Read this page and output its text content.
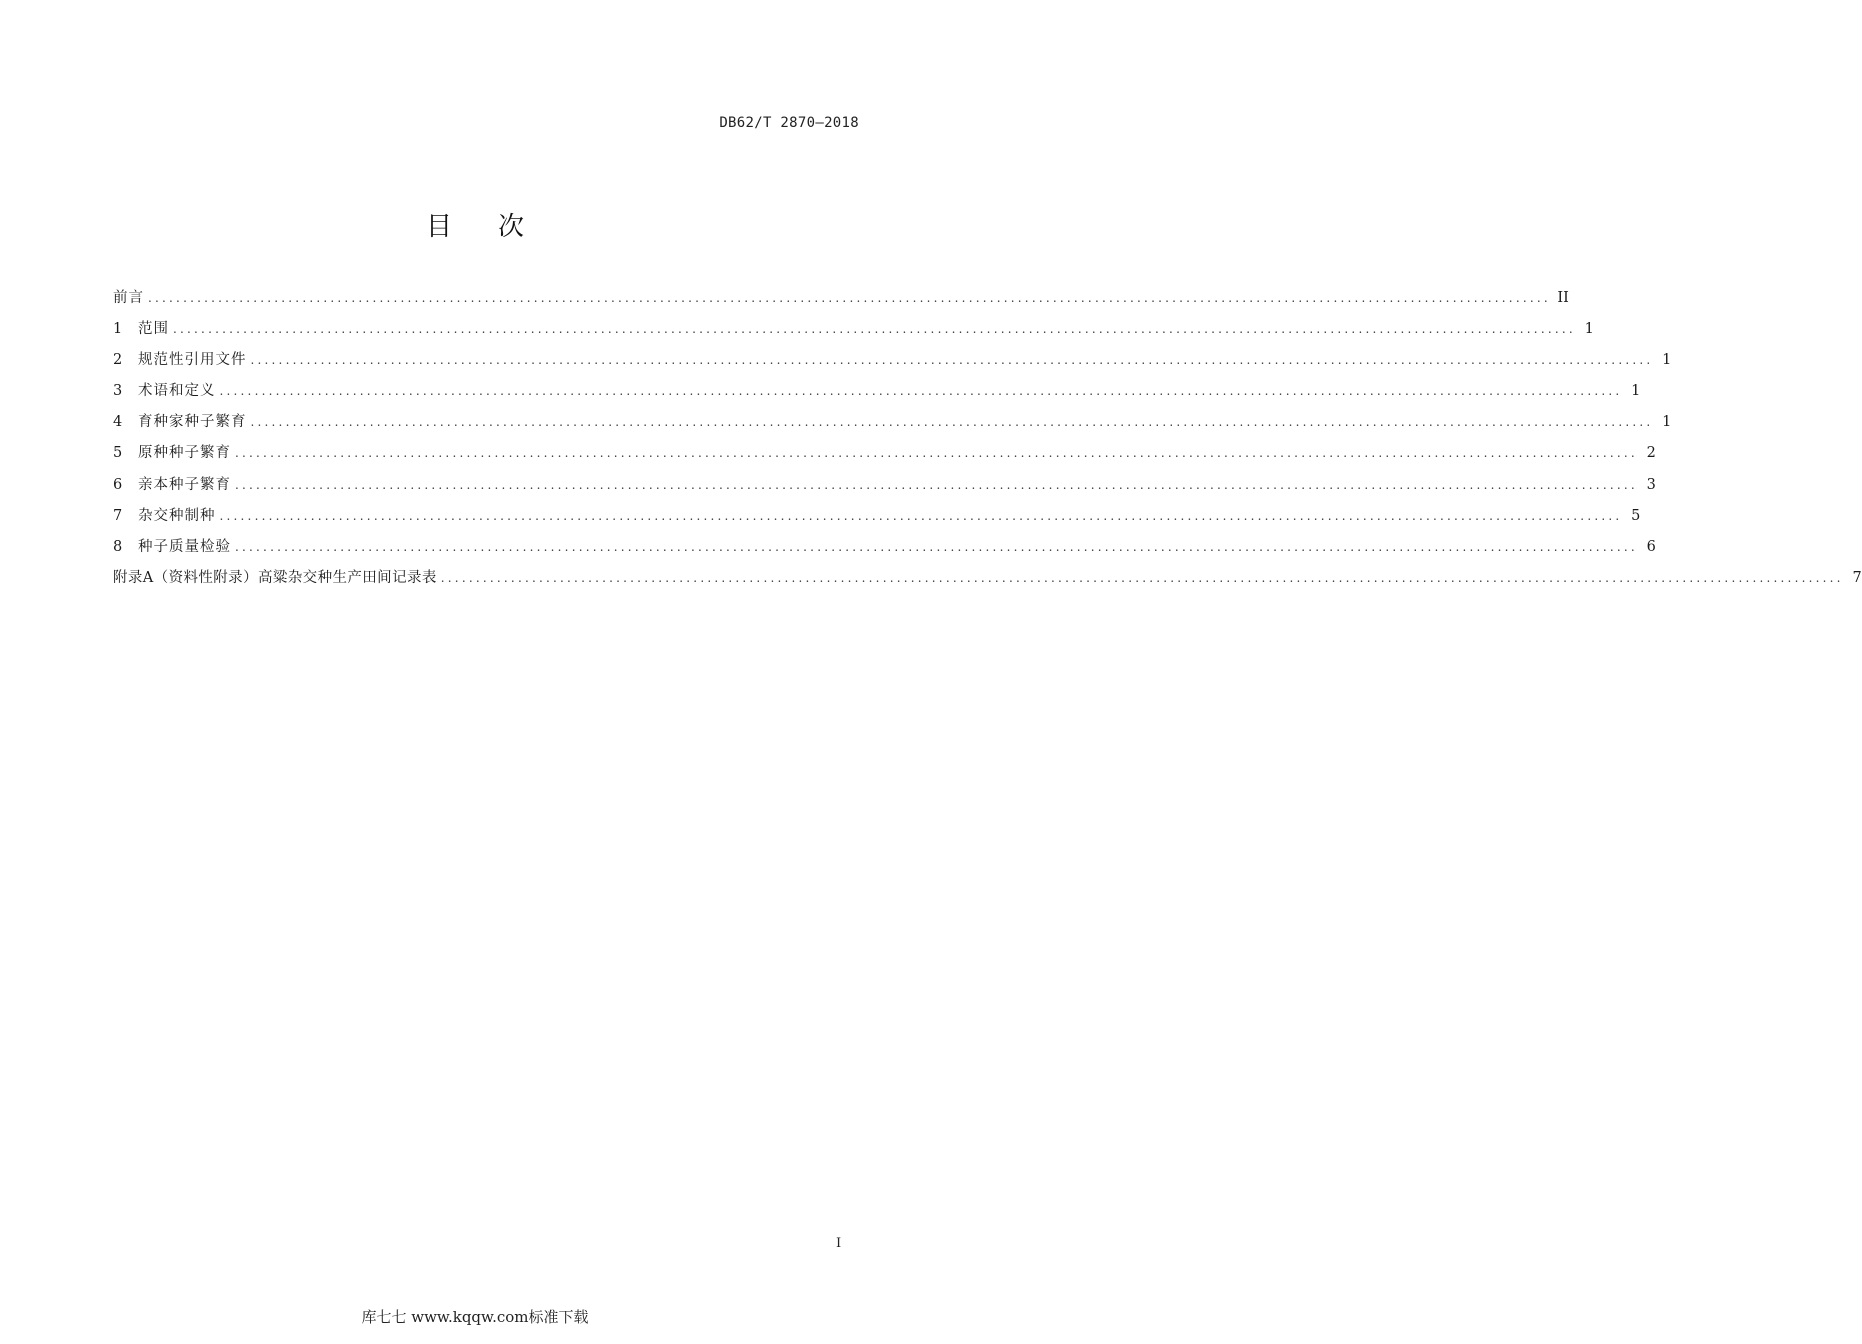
DB62/T 2870—2018
目次
前言 ........................................................................................................................................................................................................ II
1	范围 ........................................................................................................................................................................................................ 1
2	规范性引用文件 ........................................................................................................................................................................................................ 1
3	术语和定义 ........................................................................................................................................................................................................ 1
4	育种家种子繁育 ........................................................................................................................................................................................................ 1
5	原种种子繁育 ........................................................................................................................................................................................................ 2
6	亲本种子繁育 ........................................................................................................................................................................................................ 3
7	杂交种制种 ........................................................................................................................................................................................................ 5
8	种子质量检验 ........................................................................................................................................................................................................ 6
附录A（资料性附录）高粱杂交种生产田间记录表 ........................................................................................................................................................................................................ 7
I
库七七 www.kqqw.com标准下载
